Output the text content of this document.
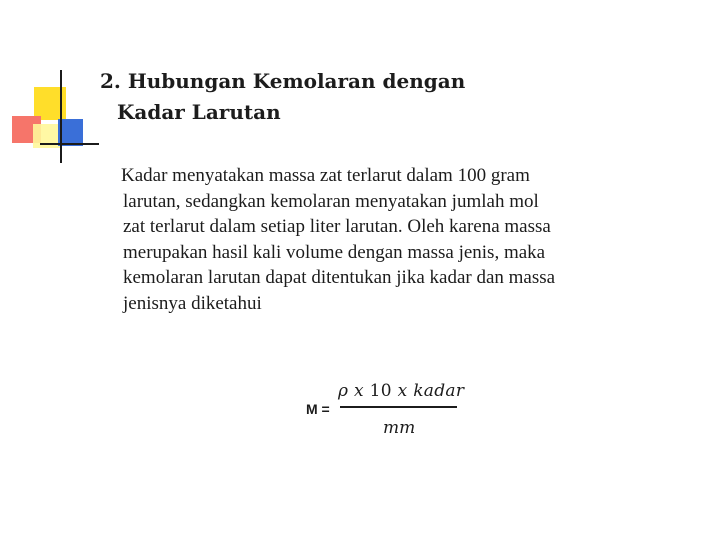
2. Hubungan Kemolaran dengan
Kadar Larutan

Kadar menyatakan massa zat terlarut dalam 100 gram

larutan, sedangkan kemolaran menyatakan jumlah mol

zat terlarut dalam setiap liter larutan. Oleh karena massa

merupakan hasil kali volume dengan massa jenis, maka

kemolaran larutan dapat ditentukan jika kadar dan massa

jenisnya diketahui

M =
ρ x 10 x kadar
mm
